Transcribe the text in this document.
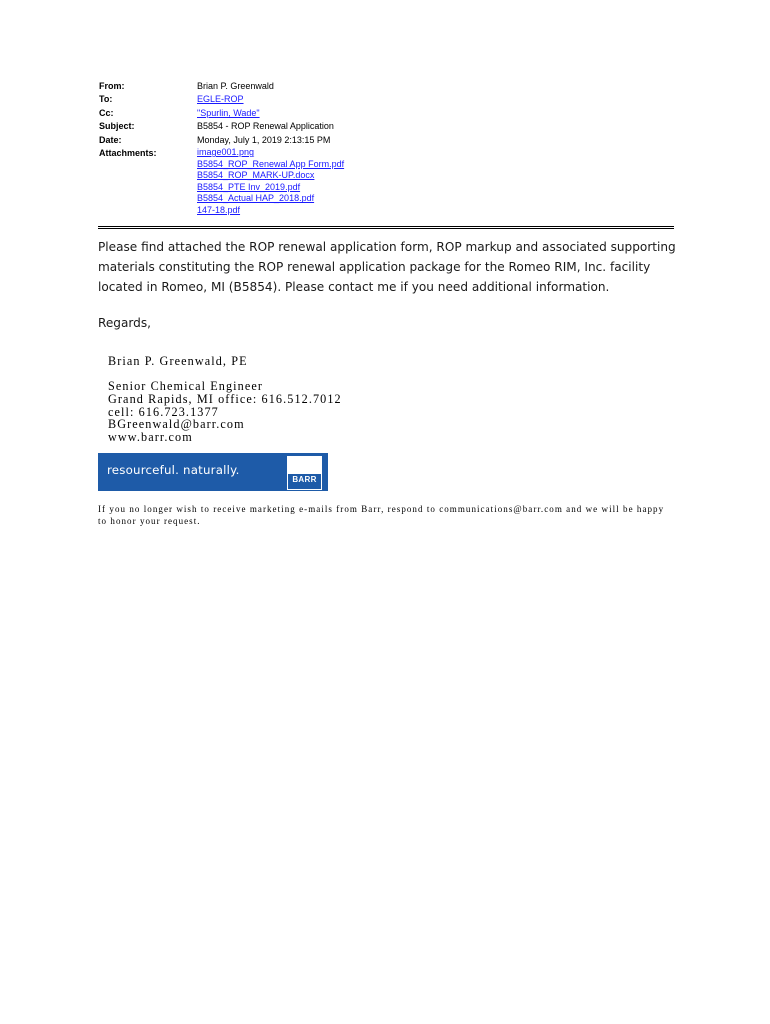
From:	Brian P. Greenwald
To:	EGLE-ROP
Cc:	"Spurlin, Wade"
Subject:	B5854 - ROP Renewal Application
Date:	Monday, July 1, 2019 2:13:15 PM
Attachments:	image001.png
B5854_ROP_Renewal App Form.pdf
B5854_ROP_MARK-UP.docx
B5854_PTE Inv_2019.pdf
B5854_Actual HAP_2018.pdf
147-18.pdf
Please find attached the ROP renewal application form, ROP markup and associated supporting materials constituting the ROP renewal application package for the Romeo RIM, Inc. facility located in Romeo, MI (B5854). Please contact me if you need additional information.
Regards,
Brian P. Greenwald, PE
Senior Chemical Engineer
Grand Rapids, MI office: 616.512.7012
cell: 616.723.1377
BGreenwald@barr.com
www.barr.com
resourceful. naturally.
BARR
If you no longer wish to receive marketing e-mails from Barr, respond to communications@barr.com and we will be happy to honor your request.
